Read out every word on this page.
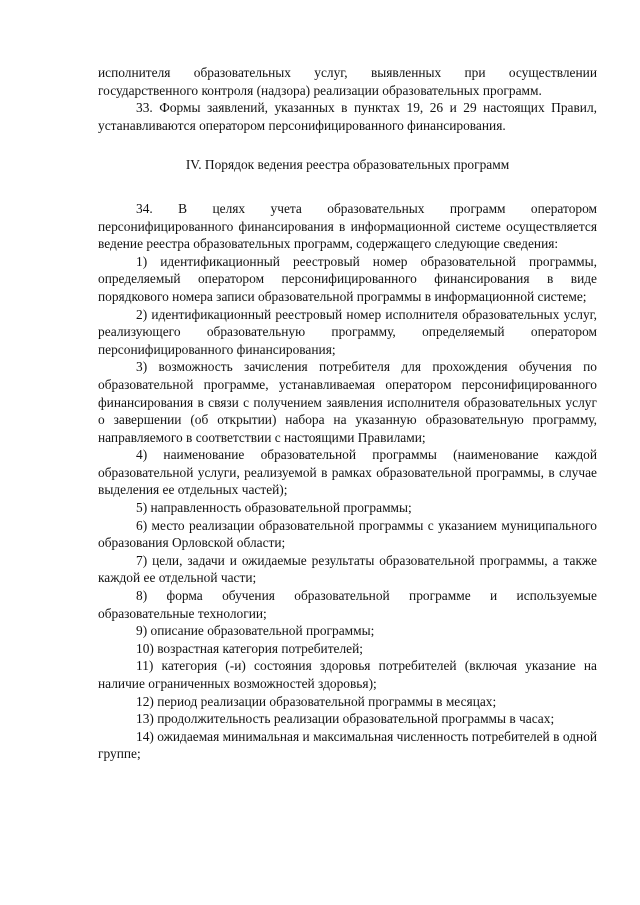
исполнителя образовательных услуг, выявленных при осуществлении государственного контроля (надзора) реализации образовательных программ.

33. Формы заявлений, указанных в пунктах 19, 26 и 29 настоящих Правил, устанавливаются оператором персонифицированного финансирования.

IV. Порядок ведения реестра образовательных программ

34. В целях учета образовательных программ оператором персонифицированного финансирования в информационной системе осуществляется ведение реестра образовательных программ, содержащего следующие сведения:

1) идентификационный реестровый номер образовательной программы, определяемый оператором персонифицированного финансирования в виде порядкового номера записи образовательной программы в информационной системе;

2) идентификационный реестровый номер исполнителя образовательных услуг, реализующего образовательную программу, определяемый оператором персонифицированного финансирования;

3) возможность зачисления потребителя для прохождения обучения по образовательной программе, устанавливаемая оператором персонифицированного финансирования в связи с получением заявления исполнителя образовательных услуг о завершении (об открытии) набора на указанную образовательную программу, направляемого в соответствии с настоящими Правилами;

4) наименование образовательной программы (наименование каждой образовательной услуги, реализуемой в рамках образовательной программы, в случае выделения ее отдельных частей);

5) направленность образовательной программы;

6) место реализации образовательной программы с указанием муниципального образования Орловской области;

7) цели, задачи и ожидаемые результаты образовательной программы, а также каждой ее отдельной части;

8) форма обучения образовательной программе и используемые образовательные технологии;

9) описание образовательной программы;

10) возрастная категория потребителей;

11) категория (-и) состояния здоровья потребителей (включая указание на наличие ограниченных возможностей здоровья);

12) период реализации образовательной программы в месяцах;

13) продолжительность реализации образовательной программы в часах;

14) ожидаемая минимальная и максимальная численность потребителей в одной группе;
